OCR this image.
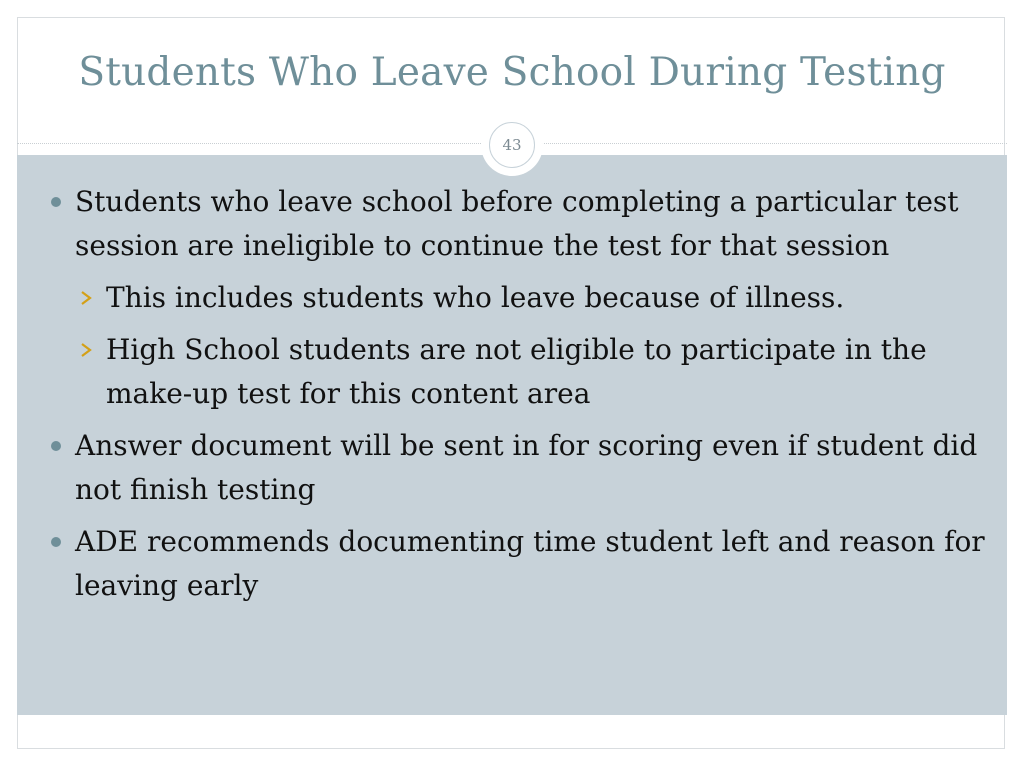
Students Who Leave School During Testing
43
Students who leave school before completing a particular test session are ineligible to continue the test for that session
This includes students who leave because of illness.
High School students are not eligible to participate in the make-up test for this content area
Answer document will be sent in for scoring even if student did not finish testing
ADE recommends documenting time student left and reason for leaving early
